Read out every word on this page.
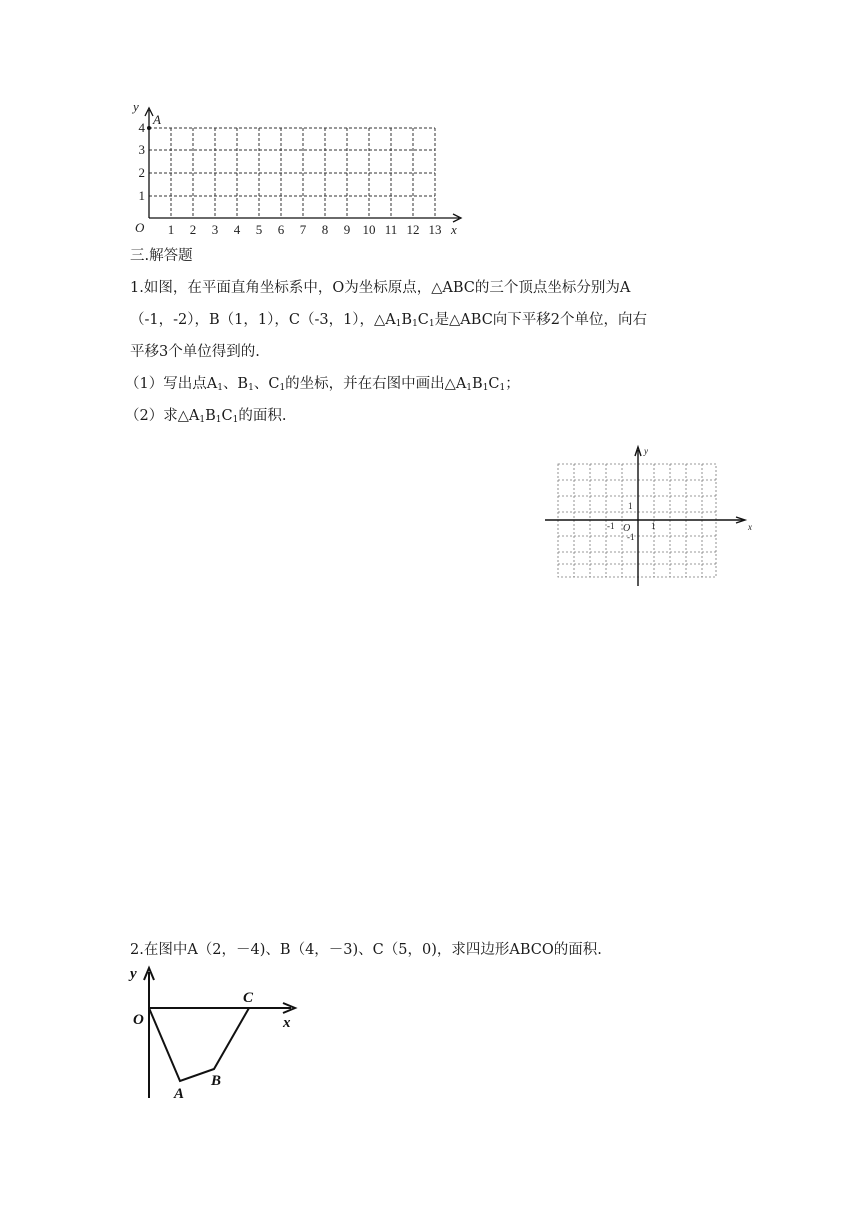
y
A
O	x
1 2 3 4 5 6 7 8 9 10 11 12 13
1
2
3
4
三.解答题
1.如图，在平面直角坐标系中，O为坐标原点，△ABC的三个顶点坐标分别为A
（-1，-2），B（1，1），C（-3，1），$\triangle A_1B_1C_1$是△ABC向下平移2个单位，向右
平移3个单位得到的.
（1）写出点$A_1$、$B_1$、$C_1$的坐标，并在右图中画出$\triangle A_1B_1C_1$；
（2）求$\triangle A_1B_1C_1$的面积.
y
x
O
1
-1	1
-1
2.在图中A（2，－4)、B（4，－3)、C（5，0)，求四边形ABCO的面积.
y
x
O
C
A
B
